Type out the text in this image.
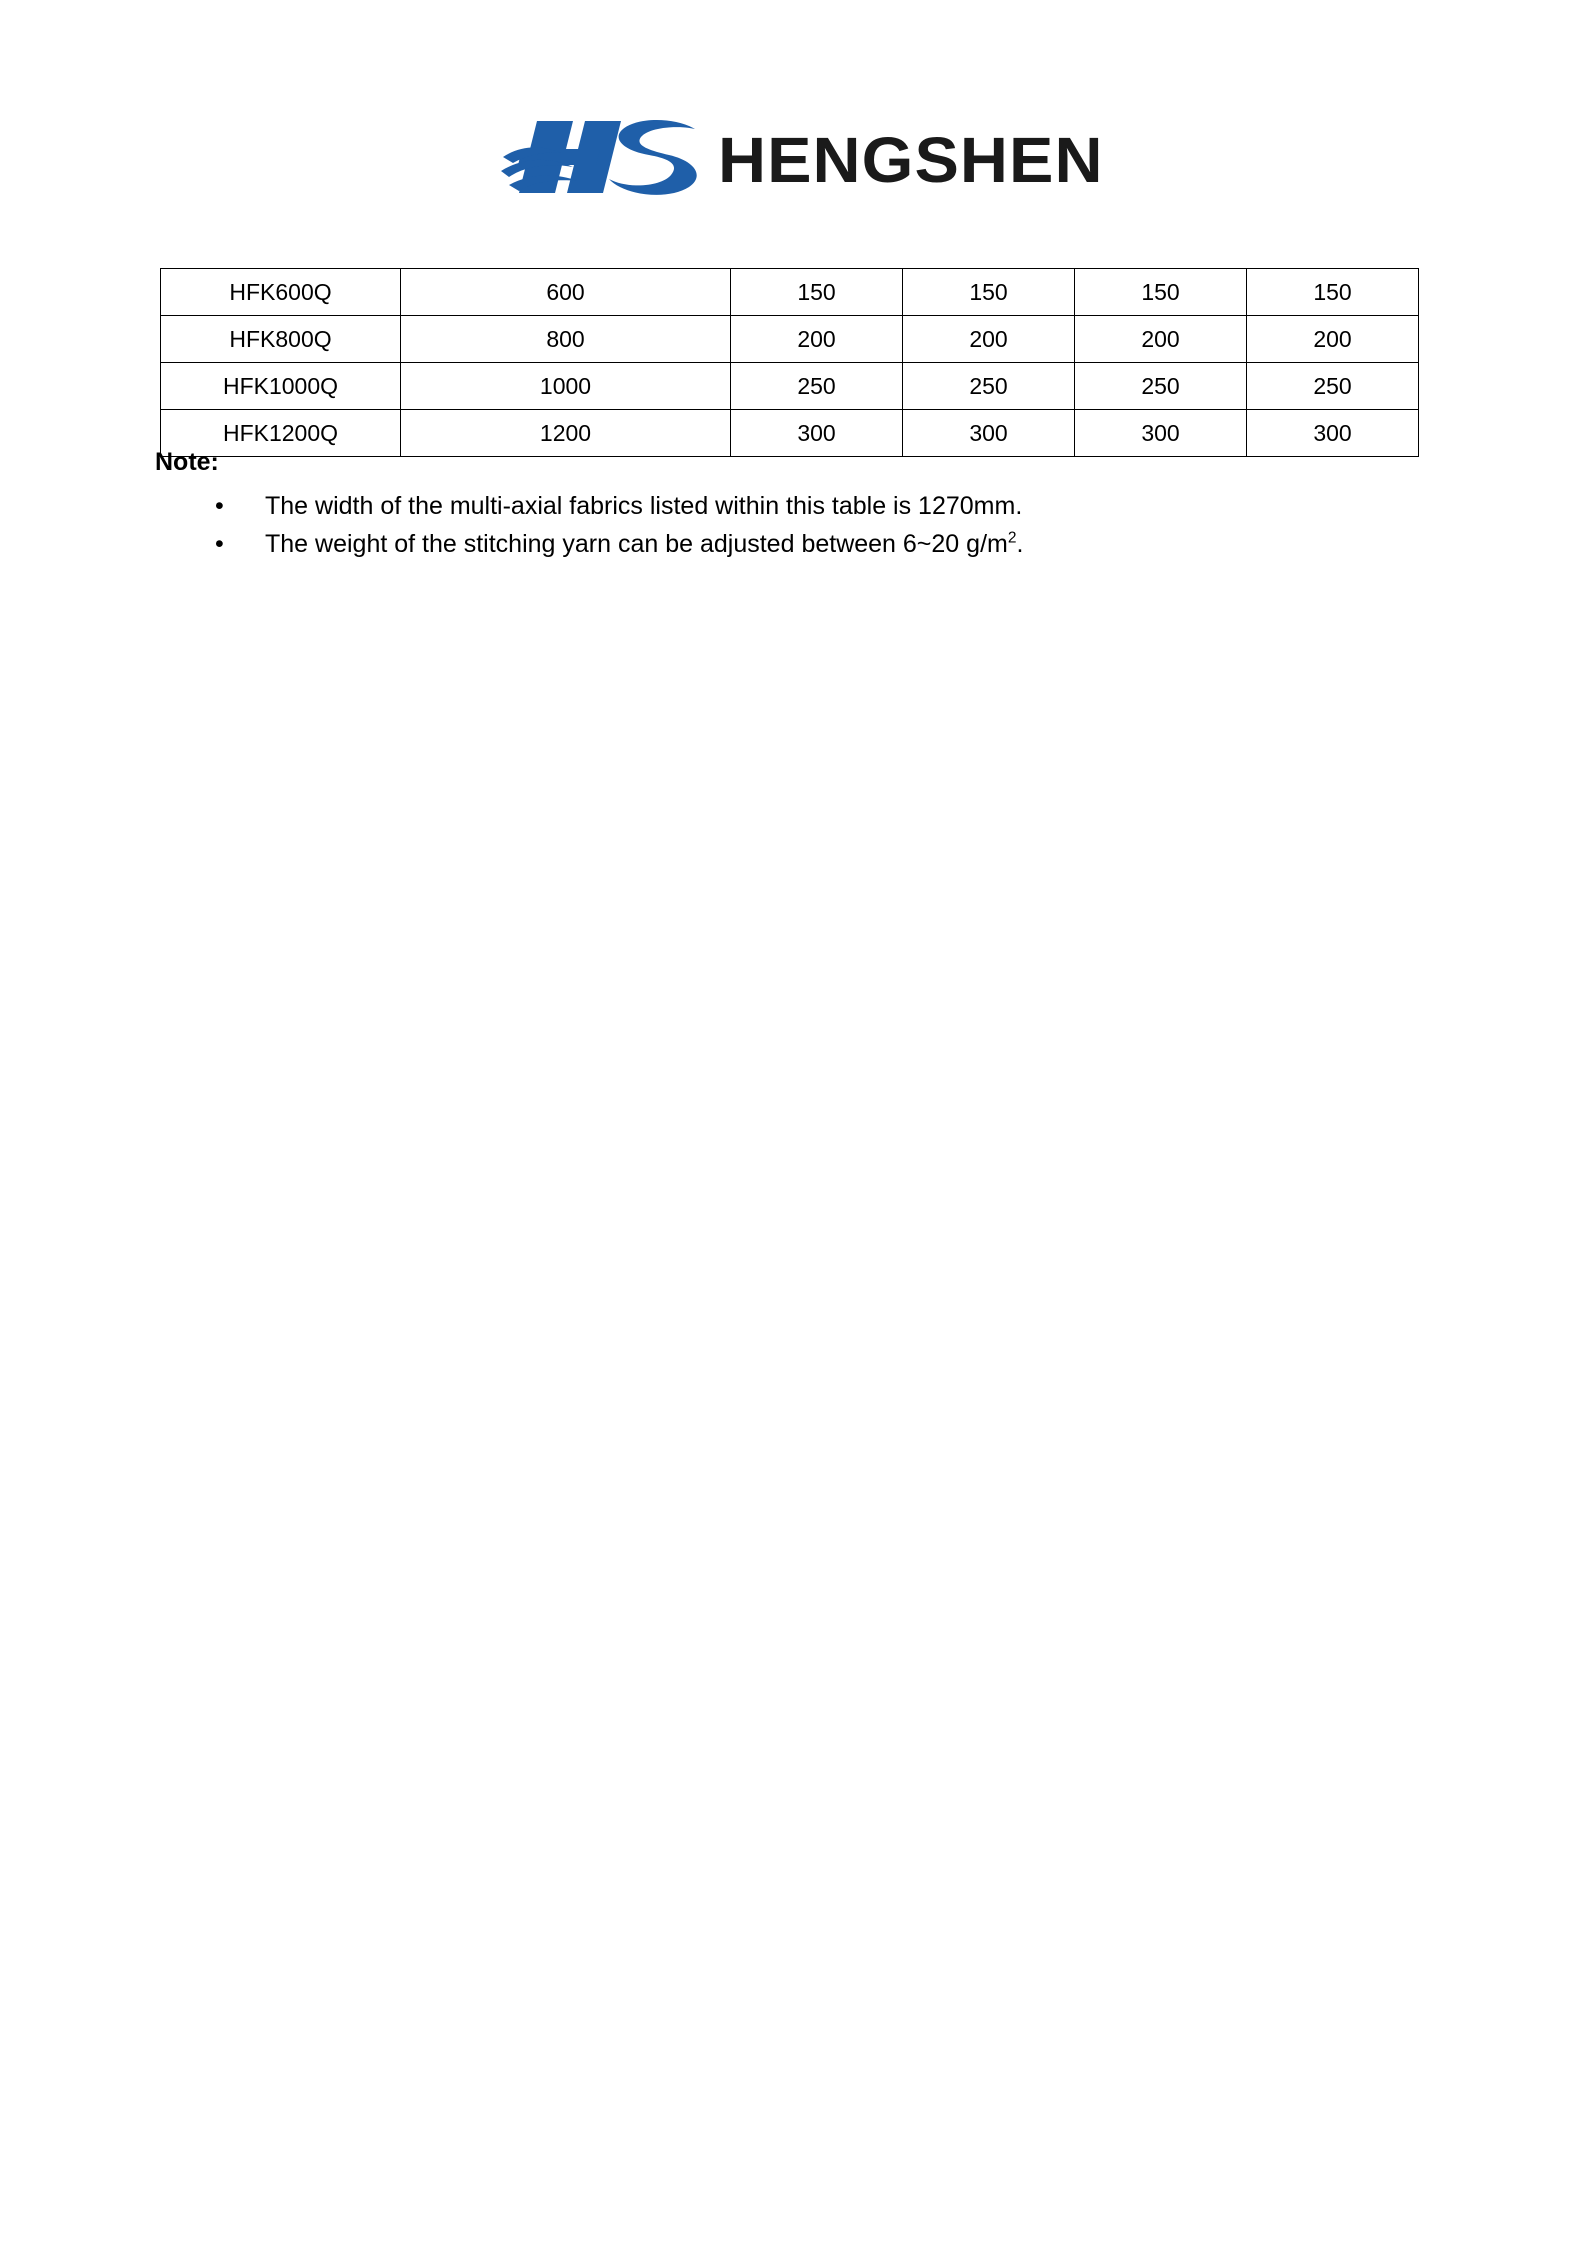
HENGSHEN
HFK600Q	600	150	150	150	150
HFK800Q	800	200	200	200	200
HFK1000Q	1000	250	250	250	250
HFK1200Q	1200	300	300	300	300

Note:

• The width of the multi-axial fabrics listed within this table is 1270mm.
• The weight of the stitching yarn can be adjusted between 6~20 $g/m^2$.
